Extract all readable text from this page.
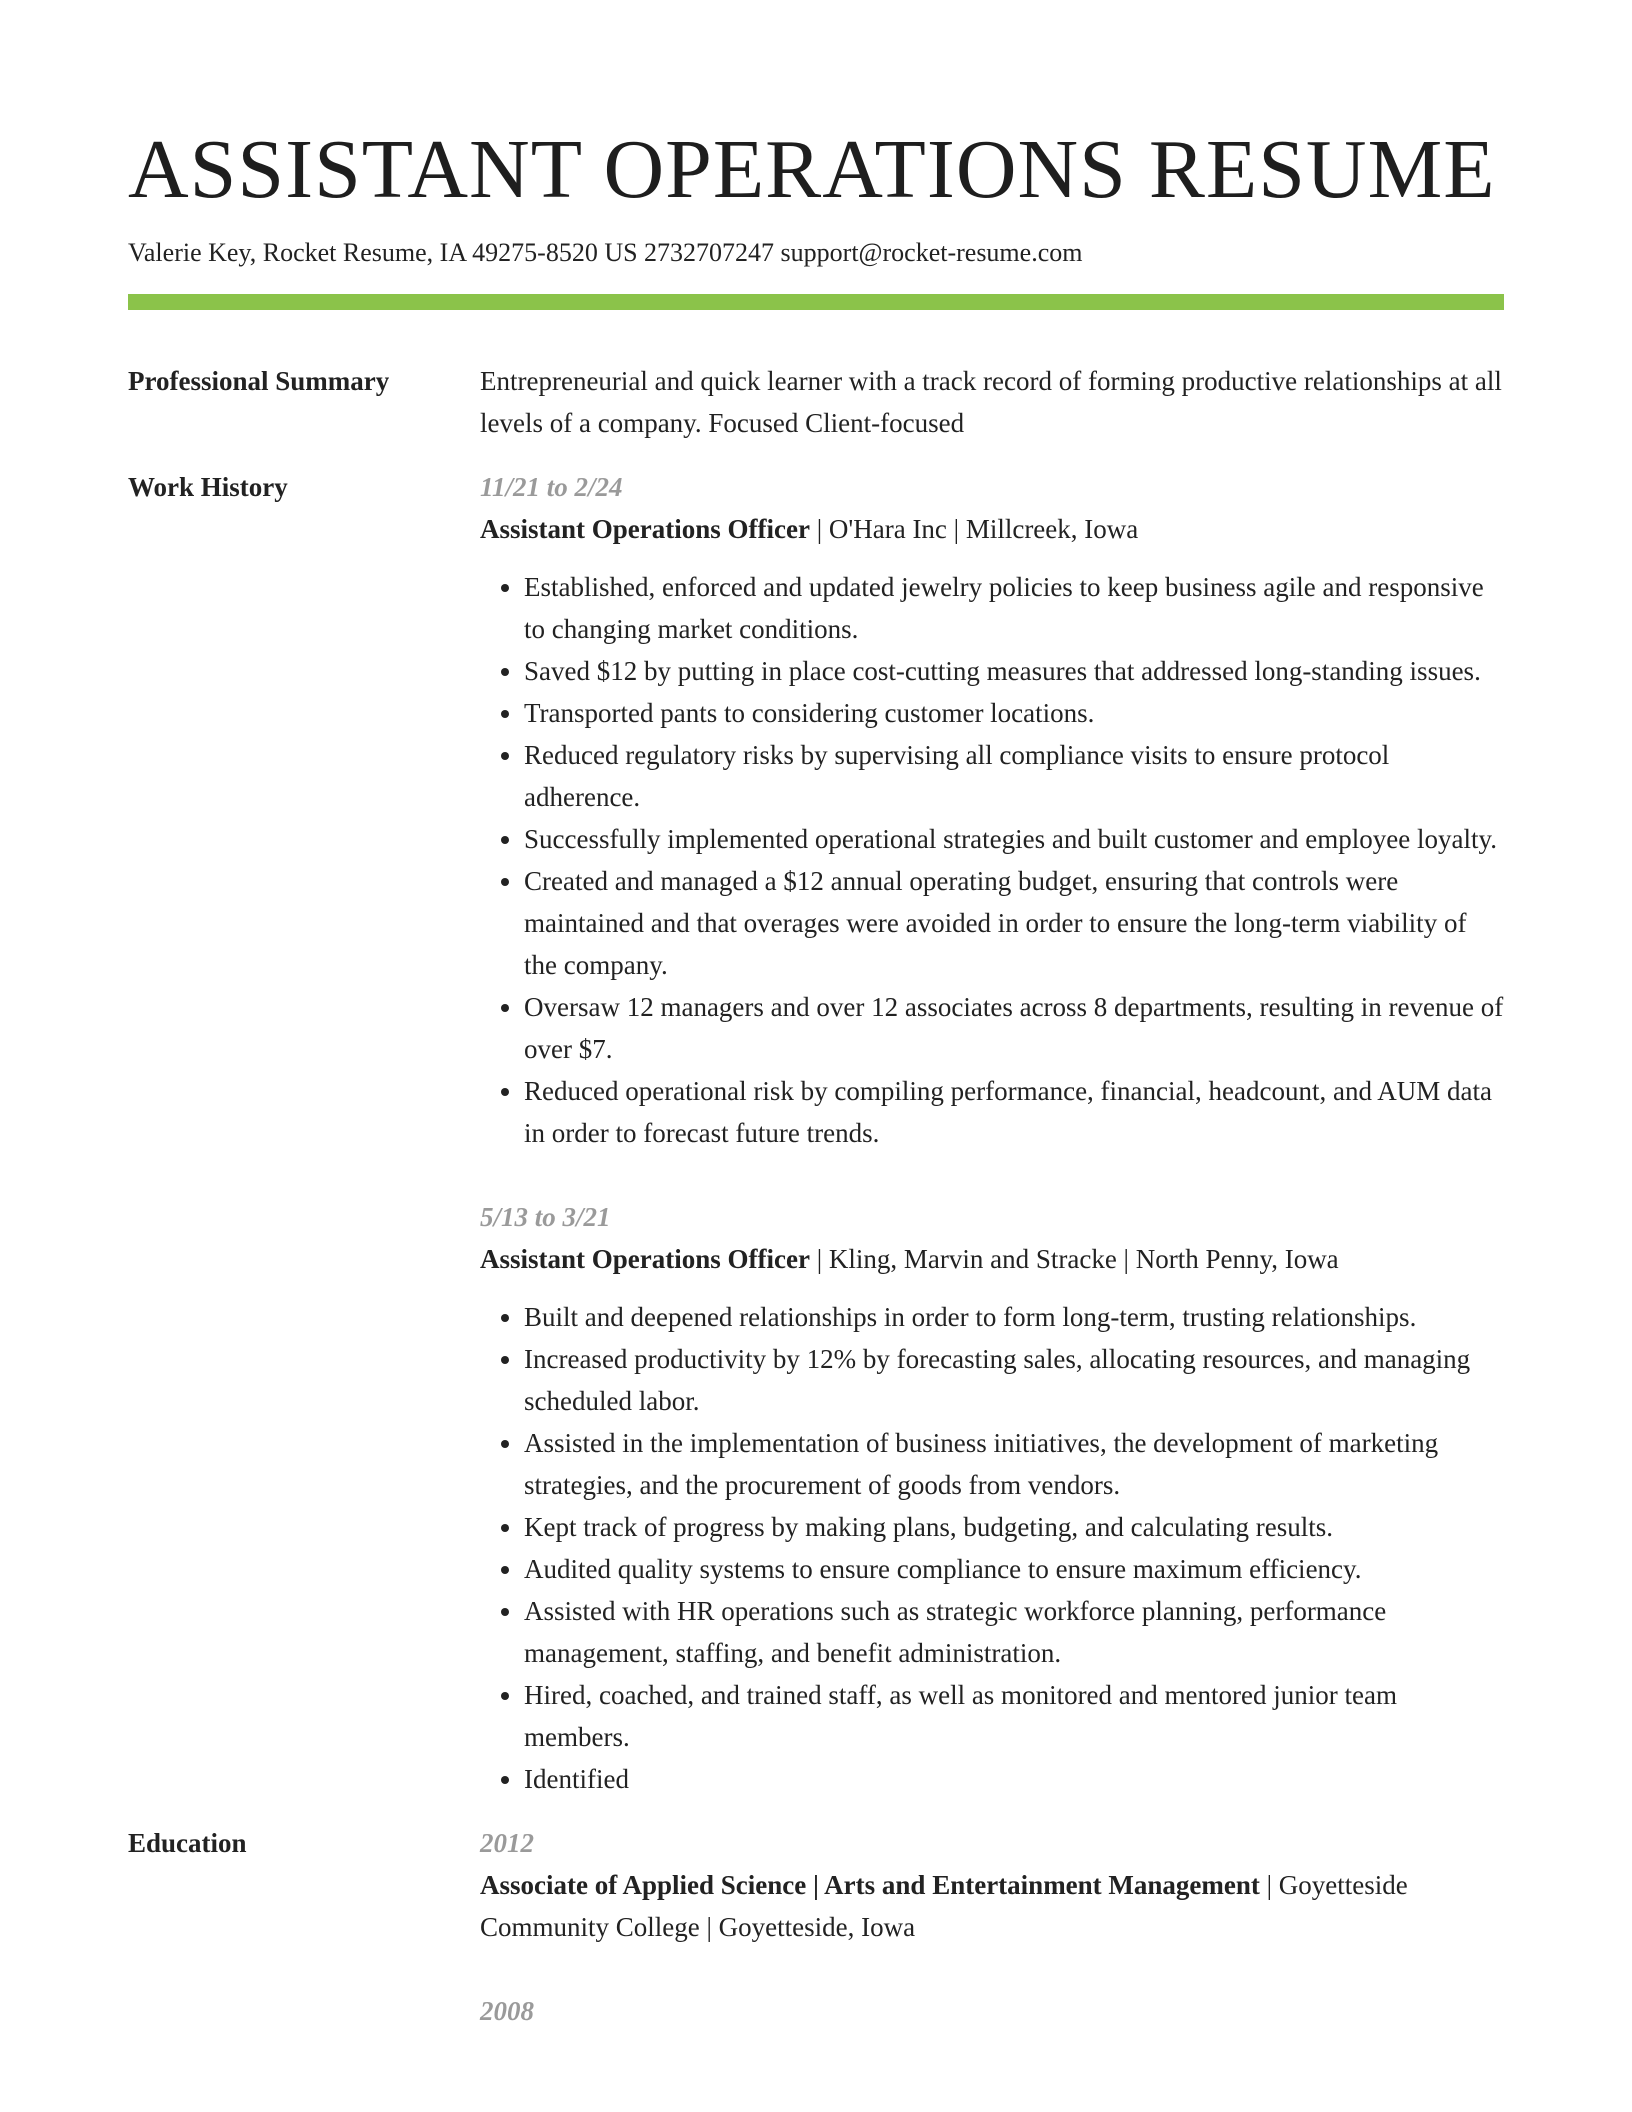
ASSISTANT OPERATIONS RESUME
Valerie Key, Rocket Resume, IA 49275-8520 US 2732707247 support@rocket-resume.com
Professional Summary	Entrepreneurial and quick learner with a track record of forming productive relationships at all levels of a company. Focused Client-focused

Work History	11/21 to 2/24
Assistant Operations Officer | O'Hara Inc | Millcreek, Iowa
• Established, enforced and updated jewelry policies to keep business agile and responsive to changing market conditions.
• Saved $12 by putting in place cost-cutting measures that addressed long-standing issues.
• Transported pants to considering customer locations.
• Reduced regulatory risks by supervising all compliance visits to ensure protocol adherence.
• Successfully implemented operational strategies and built customer and employee loyalty.
• Created and managed a $12 annual operating budget, ensuring that controls were maintained and that overages were avoided in order to ensure the long-term viability of the company.
• Oversaw 12 managers and over 12 associates across 8 departments, resulting in revenue of over $7.
• Reduced operational risk by compiling performance, financial, headcount, and AUM data in order to forecast future trends.
5/13 to 3/21
Assistant Operations Officer | Kling, Marvin and Stracke | North Penny, Iowa
• Built and deepened relationships in order to form long-term, trusting relationships.
• Increased productivity by 12% by forecasting sales, allocating resources, and managing scheduled labor.
• Assisted in the implementation of business initiatives, the development of marketing strategies, and the procurement of goods from vendors.
• Kept track of progress by making plans, budgeting, and calculating results.
• Audited quality systems to ensure compliance to ensure maximum efficiency.
• Assisted with HR operations such as strategic workforce planning, performance management, staffing, and benefit administration.
• Hired, coached, and trained staff, as well as monitored and mentored junior team members.
• Identified
Education	2012
Associate of Applied Science | Arts and Entertainment Management | Goyetteside Community College | Goyetteside, Iowa
2008
